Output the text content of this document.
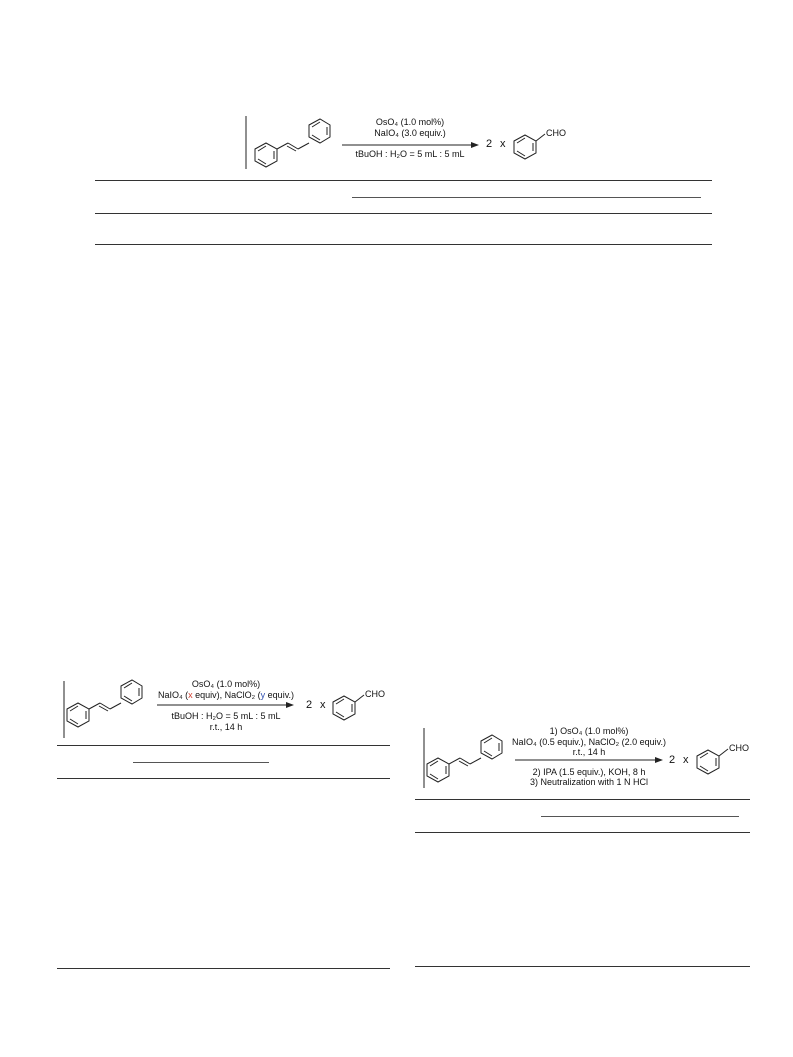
OsO₄ (1.0 mol%)
NaIO₄ (3.0 equiv.)
tBuOH : H₂O = 5 mL : 5 mL
2 x
CHO
OsO₄ (1.0 mol%)
NaIO₄ (x equiv), NaClO₂ (y equiv.)
tBuOH : H₂O = 5 mL : 5 mL
r.t., 14 h
2 x
CHO
1) OsO₄ (1.0 mol%)
NaIO₄ (0.5 equiv.), NaClO₂ (2.0 equiv.)
r.t., 14 h
2) IPA (1.5 equiv.), KOH, 8 h
3) Neutralization with 1 N HCl
2 x
CHO
